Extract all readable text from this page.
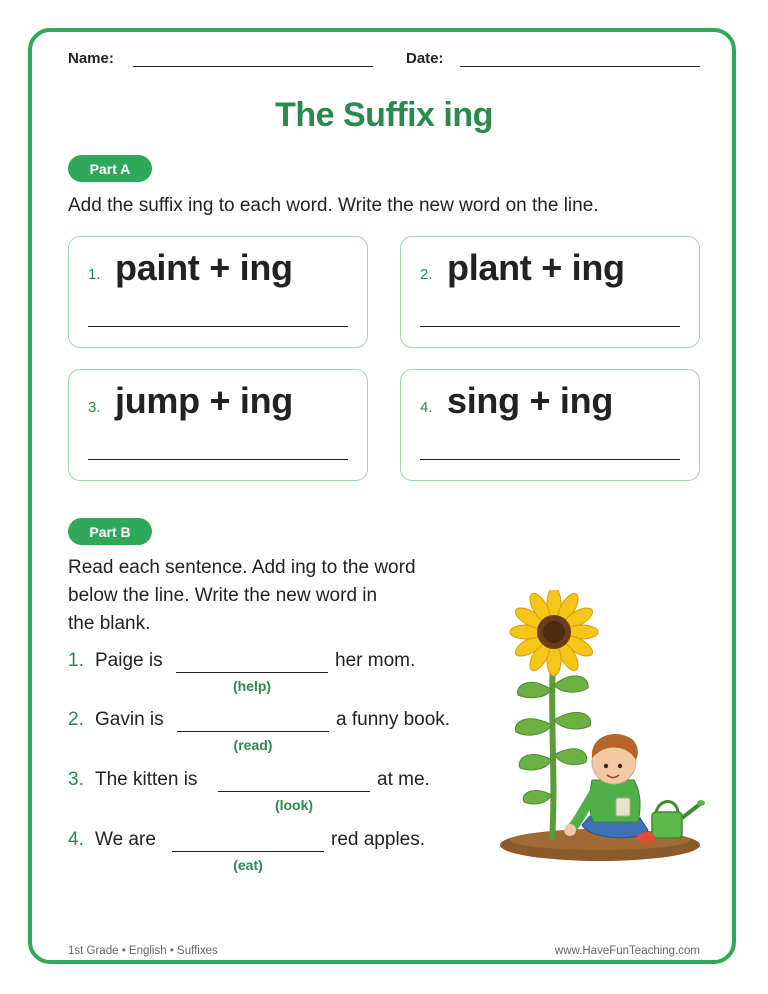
Name:	Date:
The Suffix ing
Part A
Add the suffix ing to each word. Write the new word on the line.
1. paint + ing	2. plant + ing
3. jump + ing	4. sing + ing
Part B
Read each sentence. Add ing to the word
below the line. Write the new word in
the blank.
1. Paige is	her mom.
(help)
2. Gavin is	a funny book.
(read)
3. The kitten is	at me.
(look)
4. We are	red apples.
(eat)
1st Grade • English • Suffixes	www.HaveFunTeaching.com
